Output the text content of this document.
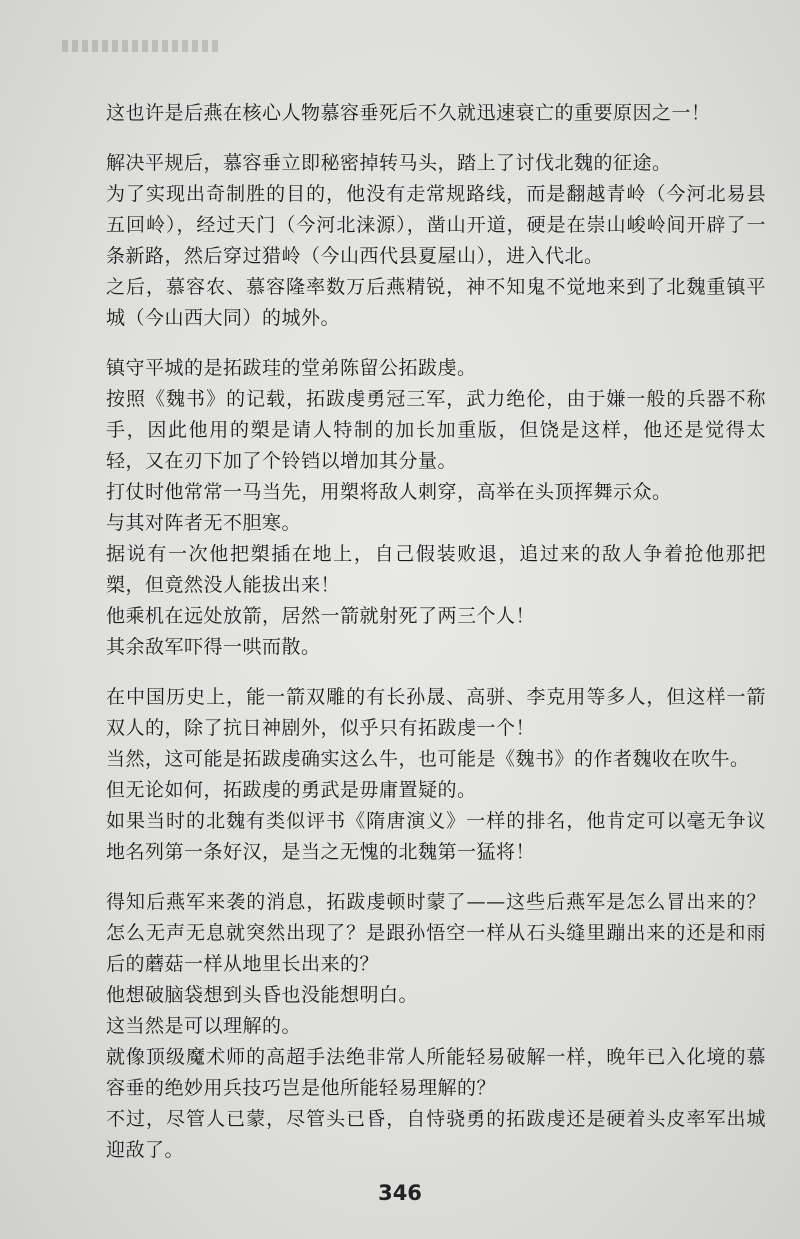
这也许是后燕在核心人物慕容垂死后不久就迅速衰亡的重要原因之一！

解决平规后，慕容垂立即秘密掉转马头，踏上了讨伐北魏的征途。

为了实现出奇制胜的目的，他没有走常规路线，而是翻越青岭（今河北易县五回岭），经过天门（今河北涞源），凿山开道，硬是在崇山峻岭间开辟了一条新路，然后穿过猎岭（今山西代县夏屋山），进入代北。

之后，慕容农、慕容隆率数万后燕精锐，神不知鬼不觉地来到了北魏重镇平城（今山西大同）的城外。

镇守平城的是拓跋珪的堂弟陈留公拓跋虔。

按照《魏书》的记载，拓跋虔勇冠三军，武力绝伦，由于嫌一般的兵器不称手，因此他用的槊是请人特制的加长加重版，但饶是这样，他还是觉得太轻，又在刃下加了个铃铛以增加其分量。

打仗时他常常一马当先，用槊将敌人刺穿，高举在头顶挥舞示众。

与其对阵者无不胆寒。

据说有一次他把槊插在地上，自己假装败退，追过来的敌人争着抢他那把槊，但竟然没人能拔出来！

他乘机在远处放箭，居然一箭就射死了两三个人！

其余敌军吓得一哄而散。

在中国历史上，能一箭双雕的有长孙晟、高骈、李克用等多人，但这样一箭双人的，除了抗日神剧外，似乎只有拓跋虔一个！

当然，这可能是拓跋虔确实这么牛，也可能是《魏书》的作者魏收在吹牛。

但无论如何，拓跋虔的勇武是毋庸置疑的。

如果当时的北魏有类似评书《隋唐演义》一样的排名，他肯定可以毫无争议地名列第一条好汉，是当之无愧的北魏第一猛将！

得知后燕军来袭的消息，拓跋虔顿时蒙了——这些后燕军是怎么冒出来的？怎么无声无息就突然出现了？是跟孙悟空一样从石头缝里蹦出来的还是和雨后的蘑菇一样从地里长出来的？

他想破脑袋想到头昏也没能想明白。

这当然是可以理解的。

就像顶级魔术师的高超手法绝非常人所能轻易破解一样，晚年已入化境的慕容垂的绝妙用兵技巧岂是他所能轻易理解的？

不过，尽管人已蒙，尽管头已昏，自恃骁勇的拓跋虔还是硬着头皮率军出城迎敌了。

346
